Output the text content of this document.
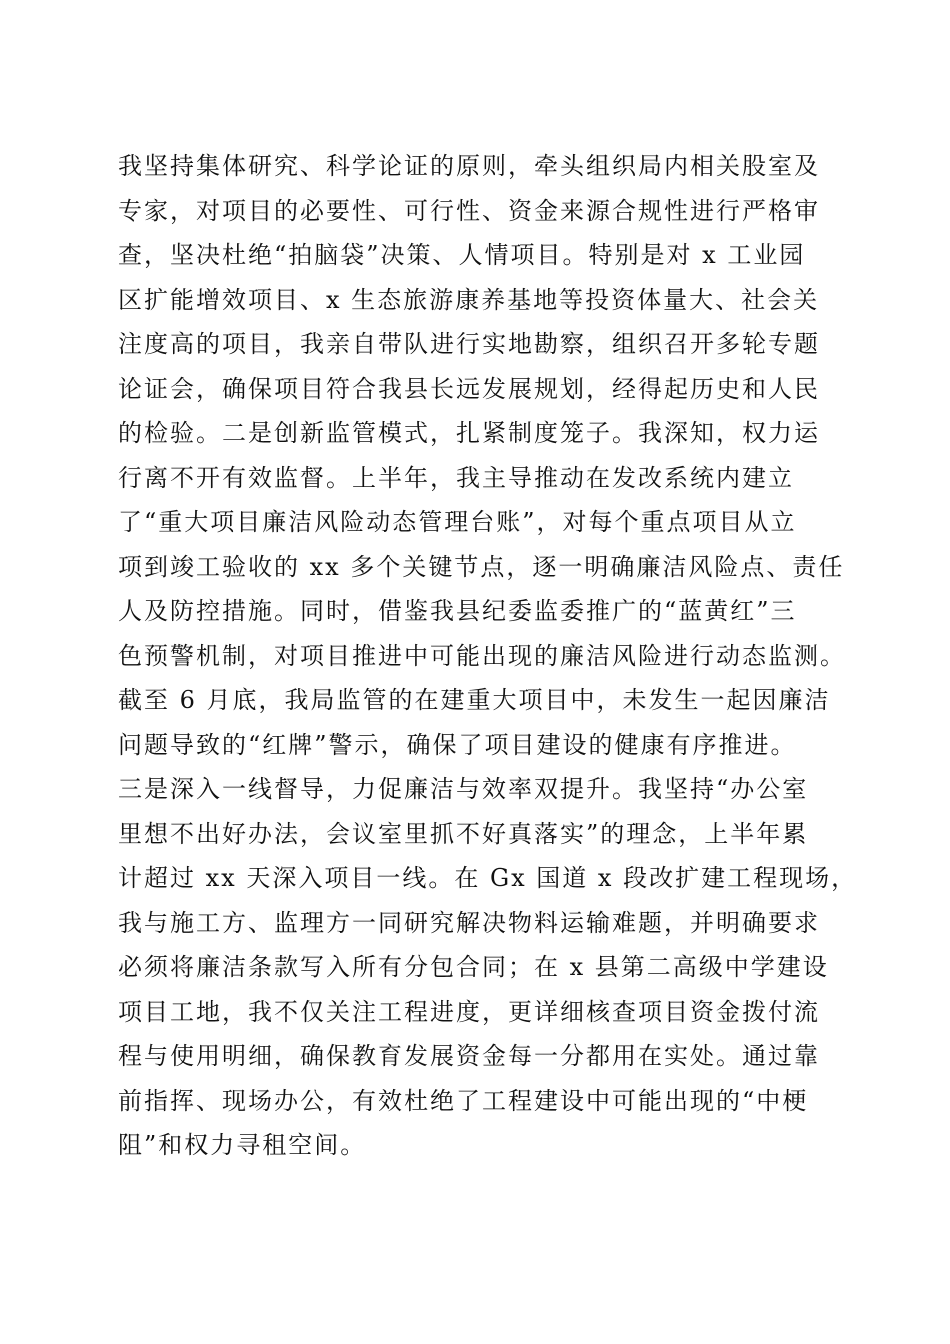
我坚持集体研究、科学论证的原则，牵头组织局内相关股室及
专家，对项目的必要性、可行性、资金来源合规性进行严格审
查，坚决杜绝“拍脑袋”决策、人情项目。特别是对 x 工业园
区扩能增效项目、x 生态旅游康养基地等投资体量大、社会关
注度高的项目，我亲自带队进行实地勘察，组织召开多轮专题
论证会，确保项目符合我县长远发展规划，经得起历史和人民
的检验。二是创新监管模式，扎紧制度笼子。我深知，权力运
行离不开有效监督。上半年，我主导推动在发改系统内建立
了“重大项目廉洁风险动态管理台账”，对每个重点项目从立
项到竣工验收的 xx 多个关键节点，逐一明确廉洁风险点、责任
人及防控措施。同时，借鉴我县纪委监委推广的“蓝黄红”三
色预警机制，对项目推进中可能出现的廉洁风险进行动态监测。
截至 6 月底，我局监管的在建重大项目中，未发生一起因廉洁
问题导致的“红牌”警示，确保了项目建设的健康有序推进。
三是深入一线督导，力促廉洁与效率双提升。我坚持“办公室
里想不出好办法，会议室里抓不好真落实”的理念，上半年累
计超过 xx 天深入项目一线。在 Gx 国道 x 段改扩建工程现场，
我与施工方、监理方一同研究解决物料运输难题，并明确要求
必须将廉洁条款写入所有分包合同；在 x 县第二高级中学建设
项目工地，我不仅关注工程进度，更详细核查项目资金拨付流
程与使用明细，确保教育发展资金每一分都用在实处。通过靠
前指挥、现场办公，有效杜绝了工程建设中可能出现的“中梗
阻”和权力寻租空间。
